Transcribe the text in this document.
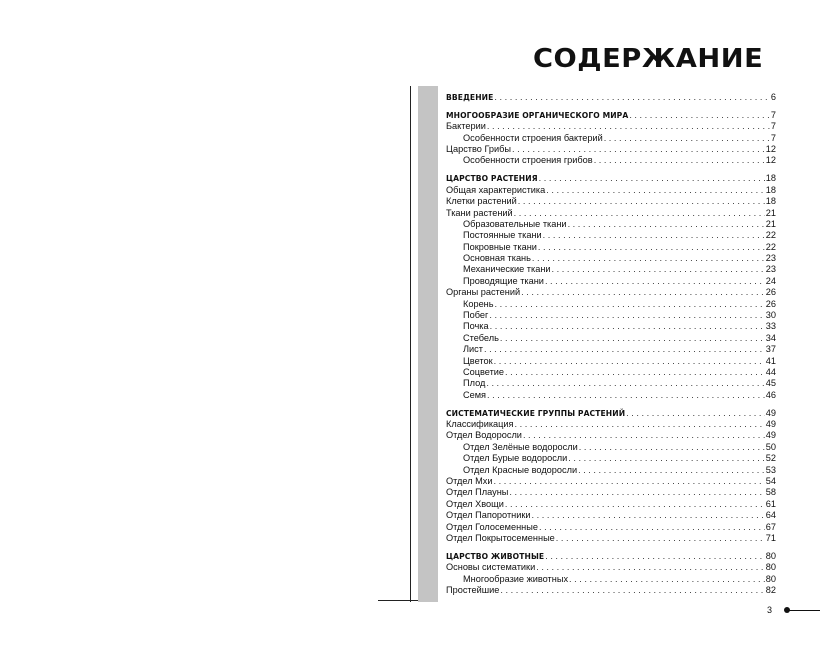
СОДЕРЖАНИЕ
ВВЕДЕНИЕ . . .	6
МНОГООБРАЗИЕ ОРГАНИЧЕСКОГО МИРА . . .	7
Бактерии . . .	7
Особенности строения бактерий . . .	7
Царство Грибы . . .	12
Особенности строения грибов . . .	12
ЦАРСТВО РАСТЕНИЯ . . .	18
Общая характеристика . . .	18
Клетки растений . . .	18
Ткани растений . . .	21
Образовательные ткани . . .	21
Постоянные ткани . . .	22
Покровные ткани . . .	22
Основная ткань . . .	23
Механические ткани . . .	23
Проводящие ткани . . .	24
Органы растений . . .	26
Корень . . .	26
Побег . . .	30
Почка . . .	33
Стебель . . .	34
Лист . . .	37
Цветок . . .	41
Соцветие . . .	44
Плод . . .	45
Семя . . .	46
СИСТЕМАТИЧЕСКИЕ ГРУППЫ РАСТЕНИЙ . . .	49
Классификация . . .	49
Отдел Водоросли . . .	49
Отдел Зелёные водоросли . . .	50
Отдел Бурые водоросли . . .	52
Отдел Красные водоросли . . .	53
Отдел Мхи . . .	54
Отдел Плауны . . .	58
Отдел Хвощи . . .	61
Отдел Папоротники . . .	64
Отдел Голосеменные . . .	67
Отдел Покрытосеменные . . .	71
ЦАРСТВО ЖИВОТНЫЕ . . .	80
Основы систематики . . .	80
Многообразие животных . . .	80
Простейшие . . .	82
3
